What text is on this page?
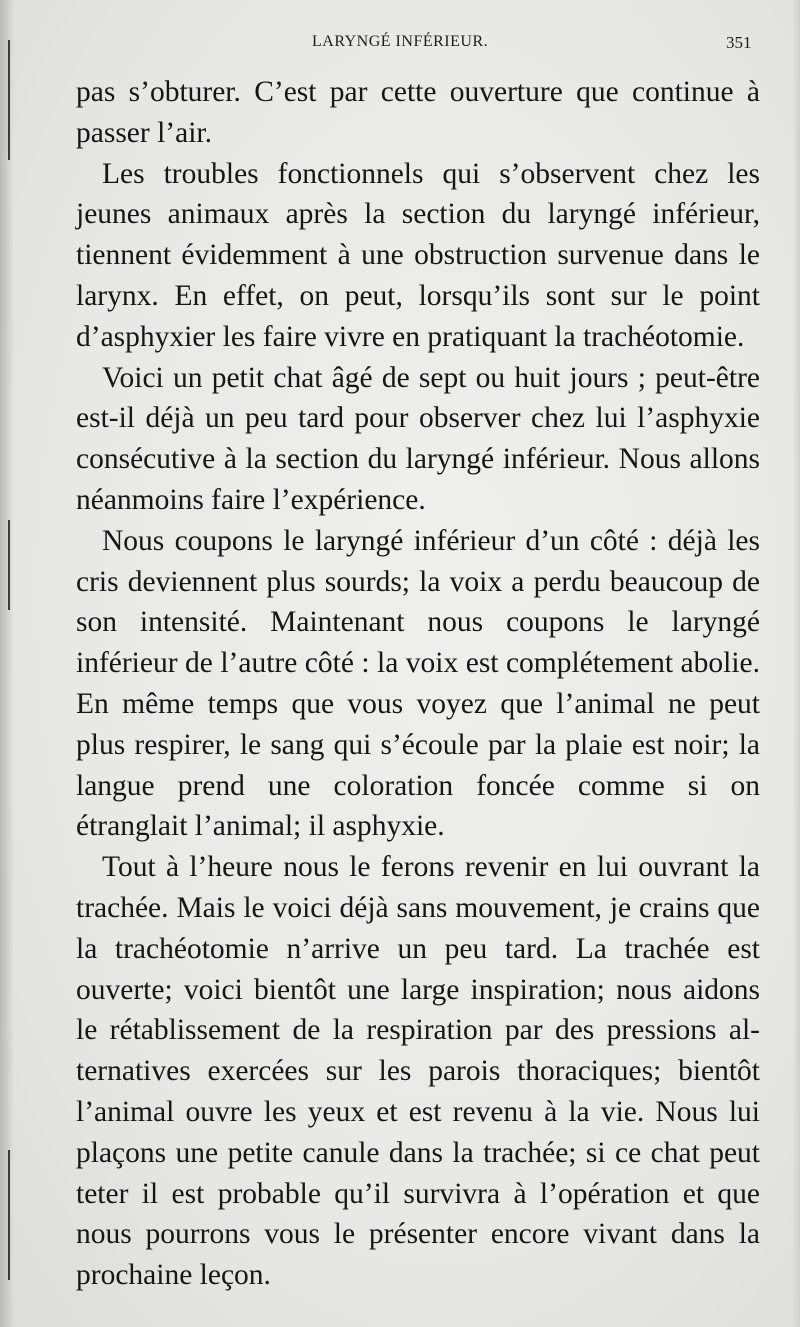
LARYNGÉ INFÉRIEUR.	351

pas s’obturer. C’est par cette ouverture que continue à passer l’air.

Les troubles fonctionnels qui s’observent chez les jeunes animaux après la section du laryngé inférieur, tiennent évidemment à une obstruction survenue dans le larynx. En effet, on peut, lorsqu’ils sont sur le point d’asphyxier les faire vivre en pratiquant la trachéotomie.

Voici un petit chat âgé de sept ou huit jours ; peut-être est-il déjà un peu tard pour observer chez lui l’asphyxie consécutive à la section du laryngé inférieur. Nous allons néanmoins faire l’expérience.

Nous coupons le laryngé inférieur d’un côté : déjà les cris deviennent plus sourds; la voix a perdu beaucoup de son intensité. Maintenant nous coupons le laryngé inférieur de l’autre côté : la voix est complétement abolie. En même temps que vous voyez que l’animal ne peut plus respirer, le sang qui s’écoule par la plaie est noir; la langue prend une coloration foncée comme si on étranglait l’animal; il asphyxie.

Tout à l’heure nous le ferons revenir en lui ouvrant la trachée. Mais le voici déjà sans mouvement, je crains que la trachéotomie n’arrive un peu tard. La trachée est ouverte; voici bientôt une large inspiration; nous aidons le rétablissement de la respiration par des pressions alternatives exercées sur les parois thoraciques; bientôt l’animal ouvre les yeux et est revenu à la vie. Nous lui plaçons une petite canule dans la trachée; si ce chat peut teter il est probable qu’il survivra à l’opération et que nous pourrons vous le présenter encore vivant dans la prochaine leçon.
